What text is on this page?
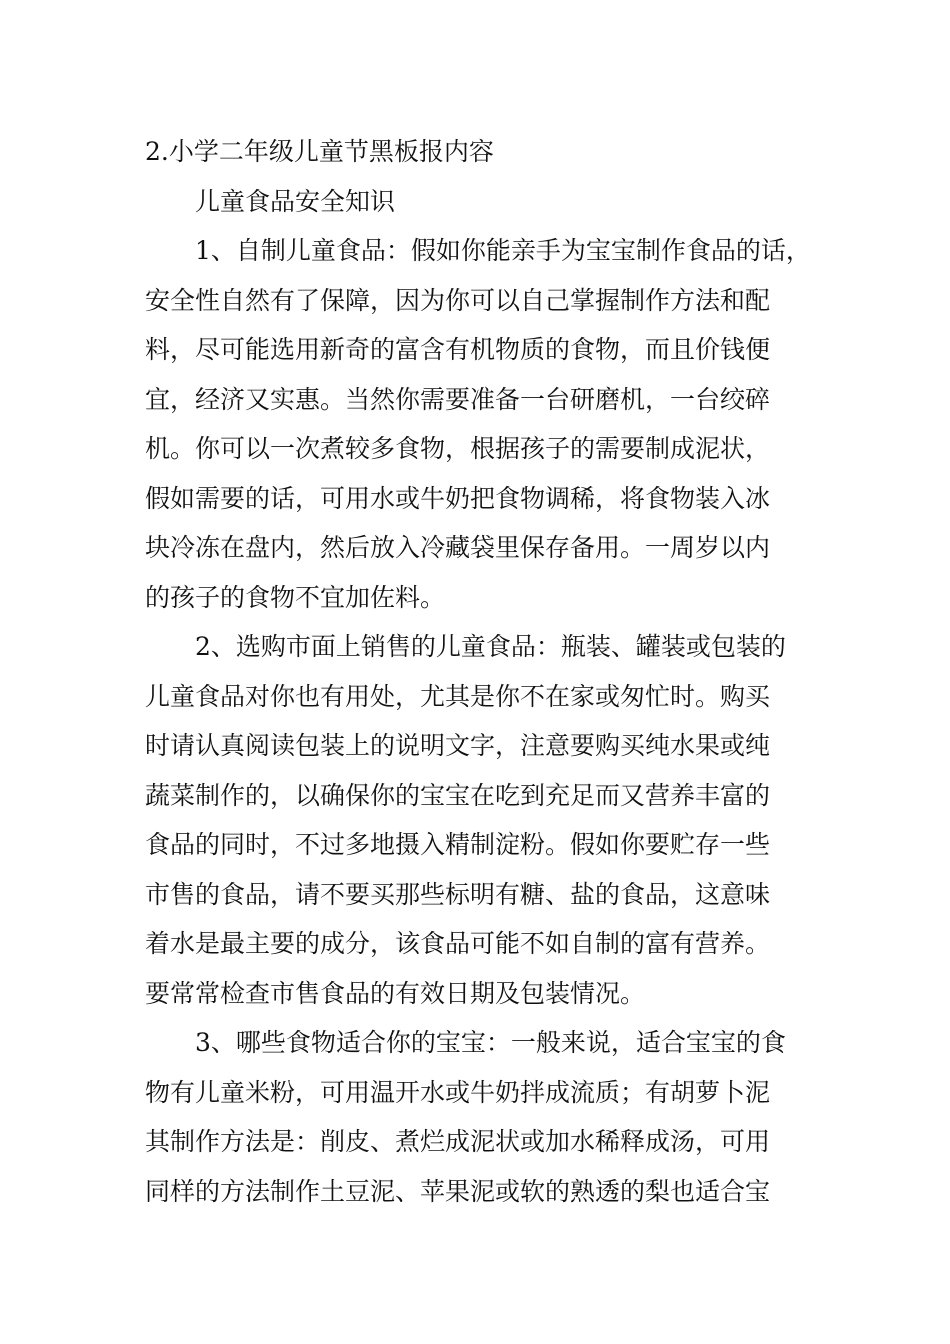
2.小学二年级儿童节黑板报内容
儿童食品安全知识
1、自制儿童食品：假如你能亲手为宝宝制作食品的话，
安全性自然有了保障，因为你可以自己掌握制作方法和配
料，尽可能选用新奇的富含有机物质的食物，而且价钱便
宜，经济又实惠。当然你需要准备一台研磨机，一台绞碎
机。你可以一次煮较多食物，根据孩子的需要制成泥状，
假如需要的话，可用水或牛奶把食物调稀，将食物装入冰
块冷冻在盘内，然后放入冷藏袋里保存备用。一周岁以内
的孩子的食物不宜加佐料。
2、选购市面上销售的儿童食品：瓶装、罐装或包装的
儿童食品对你也有用处，尤其是你不在家或匆忙时。购买
时请认真阅读包装上的说明文字，注意要购买纯水果或纯
蔬菜制作的，以确保你的宝宝在吃到充足而又营养丰富的
食品的同时，不过多地摄入精制淀粉。假如你要贮存一些
市售的食品，请不要买那些标明有糖、盐的食品，这意味
着水是最主要的成分，该食品可能不如自制的富有营养。
要常常检查市售食品的有效日期及包装情况。
3、哪些食物适合你的宝宝：一般来说，适合宝宝的食
物有儿童米粉，可用温开水或牛奶拌成流质；有胡萝卜泥
其制作方法是：削皮、煮烂成泥状或加水稀释成汤，可用
同样的方法制作土豆泥、苹果泥或软的熟透的梨也适合宝
